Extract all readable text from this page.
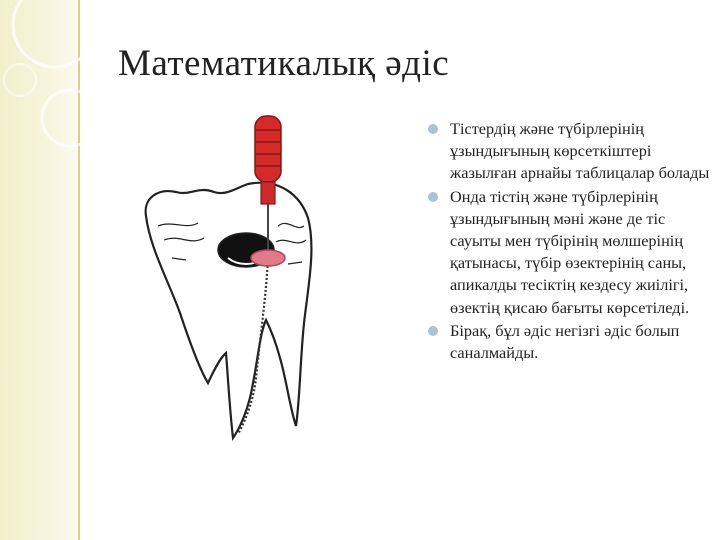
Математикалық әдіс
Тістердің және түбірлерінің ұзындығының көрсеткіштері жазылған арнайы таблицалар болады
Онда тістің және түбірлерінің ұзындығының мәні және де тіс сауыты мен түбірінің мөлшерінің қатынасы, түбір өзектерінің саны, апикалды тесіктің кездесу жиілігі, өзектің қисаю бағыты көрсетіледі.
Бірақ, бұл әдіс негізгі әдіс болып саналмайды.
